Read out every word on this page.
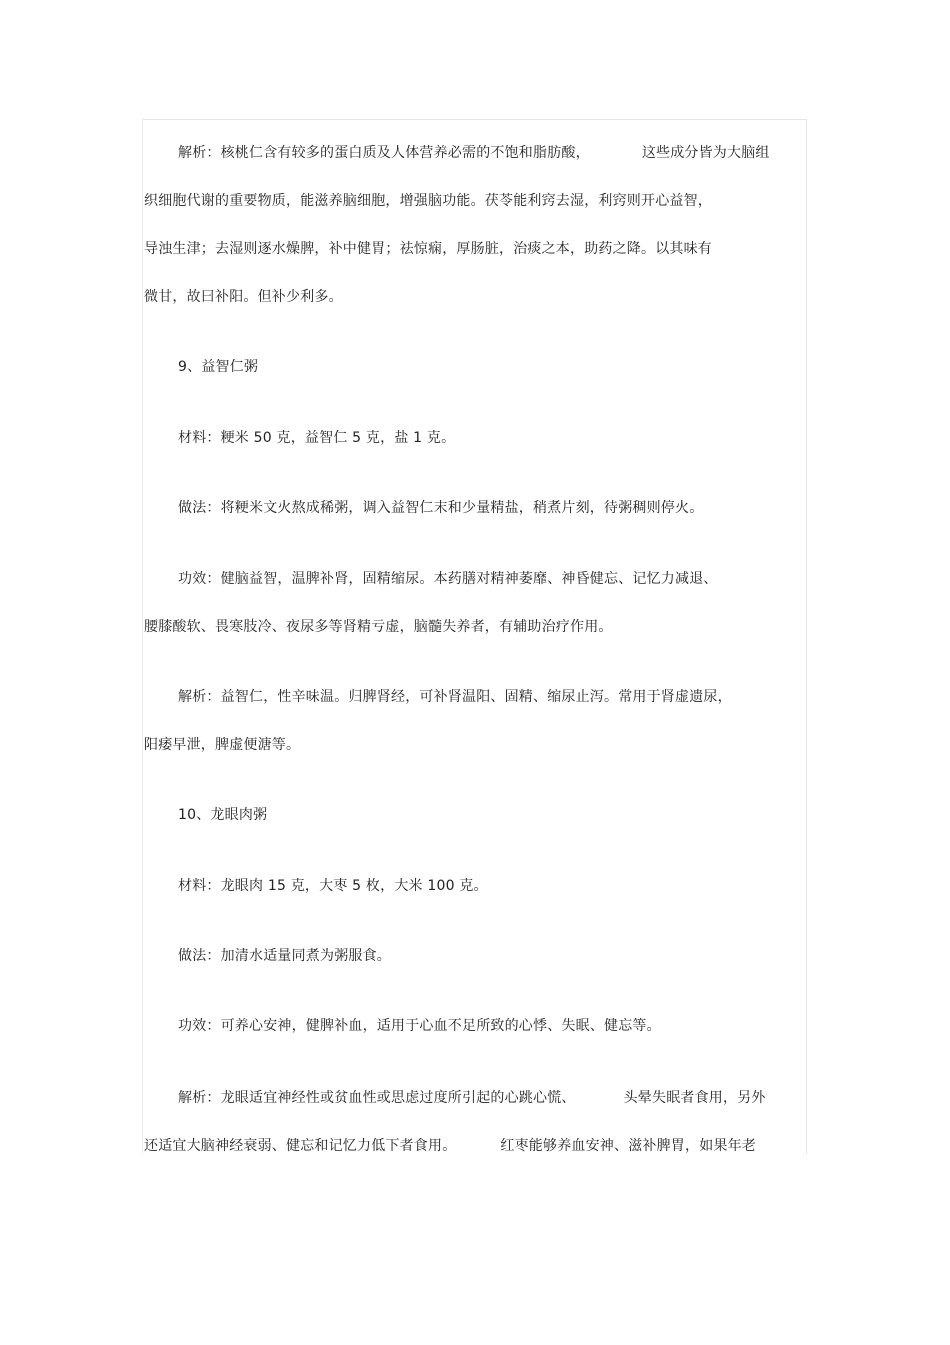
解析：核桃仁含有较多的蛋白质及人体营养必需的不饱和脂肪酸，	这些成分皆为大脑组
织细胞代谢的重要物质，能滋养脑细胞，增强脑功能。茯苓能利窍去湿，利窍则开心益智，
导浊生津；去湿则逐水燥脾，补中健胃；祛惊痫，厚肠脏，治痰之本，助药之降。以其味有
微甘，故曰补阳。但补少利多。
9、益智仁粥
材料：粳米 50 克，益智仁 5 克，盐 1 克。
做法：将粳米文火熬成稀粥，调入益智仁末和少量精盐，稍煮片刻，待粥稠则停火。
功效：健脑益智，温脾补肾，固精缩尿。本药膳对精神萎靡、神昏健忘、记忆力减退、
腰膝酸软、畏寒肢冷、夜尿多等肾精亏虚，脑髓失养者，有辅助治疗作用。
解析：益智仁，性辛味温。归脾肾经，可补肾温阳、固精、缩尿止泻。常用于肾虚遗尿，
阳痿早泄，脾虚便溏等。
10、龙眼肉粥
材料：龙眼肉 15 克，大枣 5 枚，大米 100 克。
做法：加清水适量同煮为粥服食。
功效：可养心安神，健脾补血，适用于心血不足所致的心悸、失眠、健忘等。
解析：龙眼适宜神经性或贫血性或思虑过度所引起的心跳心慌、	头晕失眠者食用，另外
还适宜大脑神经衰弱、健忘和记忆力低下者食用。	红枣能够养血安神、滋补脾胃，如果年老
